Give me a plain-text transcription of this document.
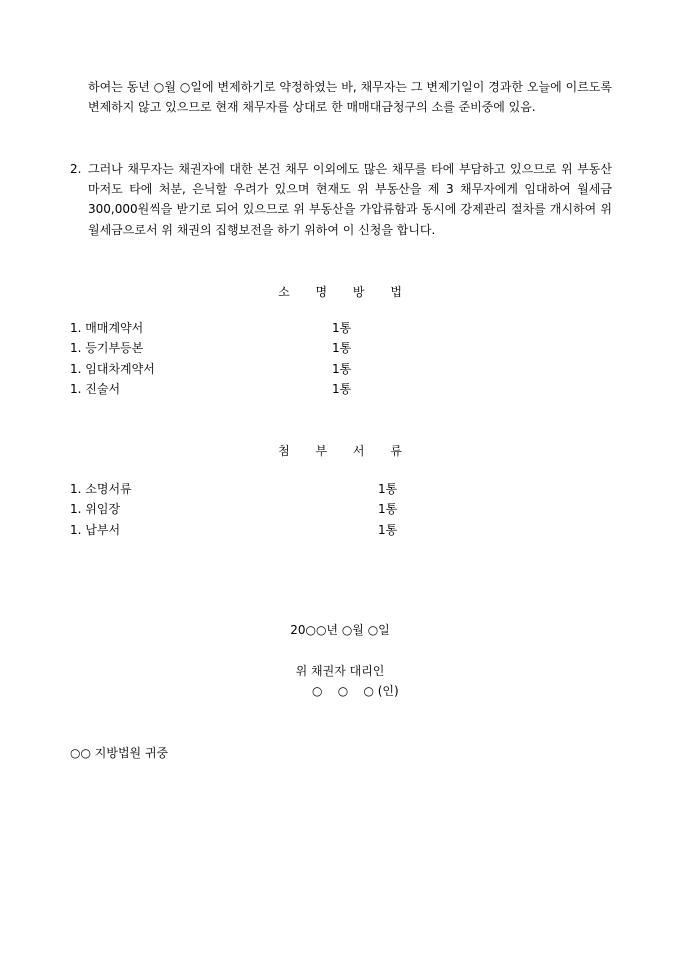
하여는 동년 ○월 ○일에 변제하기로 약정하였는 바, 채무자는 그 변제기일이 경과한 오늘에 이르도록 변제하지 않고 있으므로 현재 채무자를 상대로 한 매매대금청구의 소를 준비중에 있음.

2. 그러나 채무자는 채권자에 대한 본건 채무 이외에도 많은 채무를 타에 부담하고 있으므로 위 부동산마저도 타에 처분, 은닉할 우려가 있으며 현재도 위 부동산을 제 3 채무자에게 임대하여 월세금 300,000원씩을 받기로 되어 있으므로 위 부동산을 가압류함과 동시에 강제관리 절차를 개시하여 위 월세금으로서 위 채권의 집행보전을 하기 위하여 이 신청을 합니다.

소 명 방 법
1. 매매계약서	1통
1. 등기부등본	1통
1. 임대차계약서	1통
1. 진술서	1통
첨 부 서 류
1. 소명서류	1통
1. 위임장	1통
1. 납부서	1통
20○○년 ○월 ○일
위 채권자 대리인
○    ○    ○ (인)
○○ 지방법원 귀중
